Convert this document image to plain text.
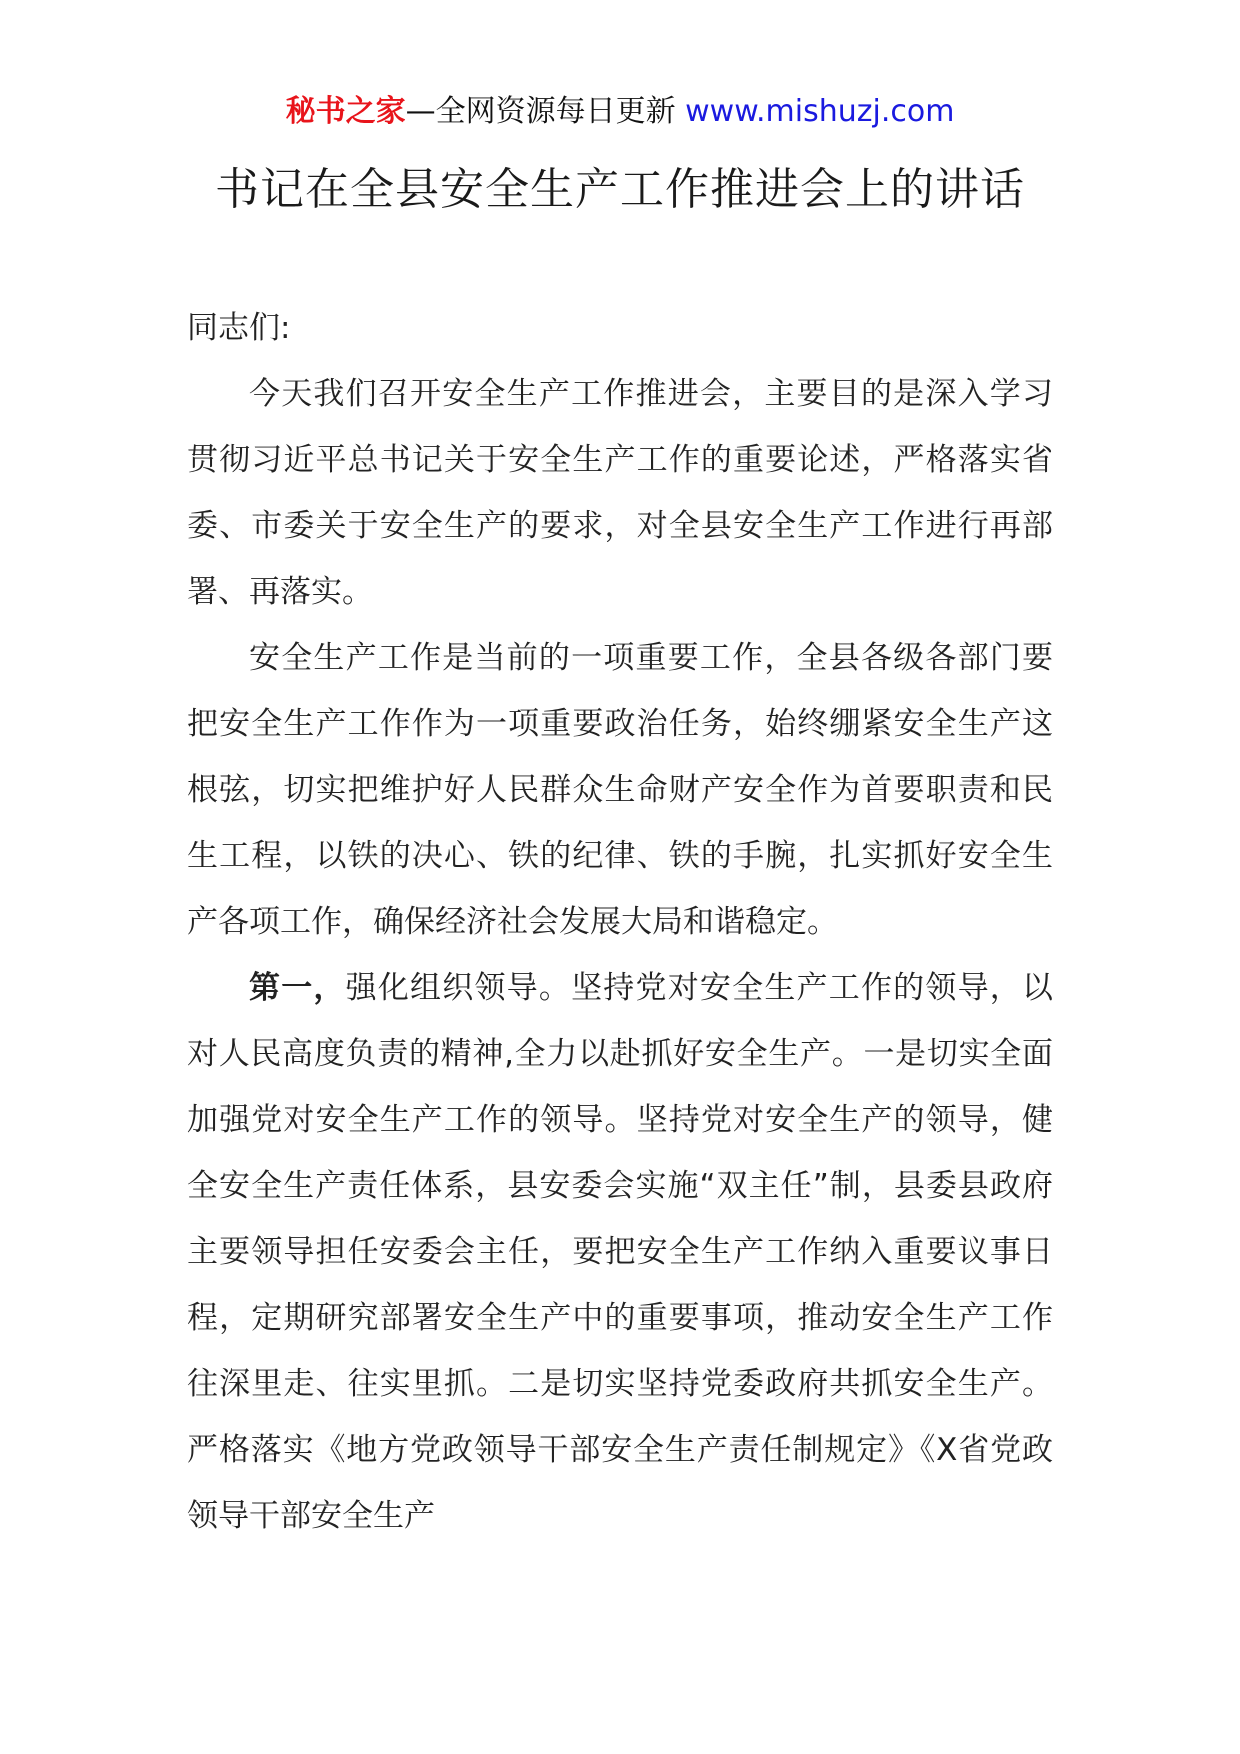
秘书之家—全网资源每日更新 www.mishuzj.com
书记在全县安全生产工作推进会上的讲话

同志们:

今天我们召开安全生产工作推进会，主要目的是深入学习贯彻习近平总书记关于安全生产工作的重要论述，严格落实省委、市委关于安全生产的要求，对全县安全生产工作进行再部署、再落实。

安全生产工作是当前的一项重要工作，全县各级各部门要把安全生产工作作为一项重要政治任务，始终绷紧安全生产这根弦，切实把维护好人民群众生命财产安全作为首要职责和民生工程，以铁的决心、铁的纪律、铁的手腕，扎实抓好安全生产各项工作，确保经济社会发展大局和谐稳定。

第一，强化组织领导。坚持党对安全生产工作的领导，以对人民高度负责的精神,全力以赴抓好安全生产。一是切实全面加强党对安全生产工作的领导。坚持党对安全生产的领导，健全安全生产责任体系，县安委会实施“双主任”制，县委县政府主要领导担任安委会主任，要把安全生产工作纳入重要议事日程，定期研究部署安全生产中的重要事项，推动安全生产工作往深里走、往实里抓。二是切实坚持党委政府共抓安全生产。严格落实《地方党政领导干部安全生产责任制规定》《X省党政领导干部安全生产
